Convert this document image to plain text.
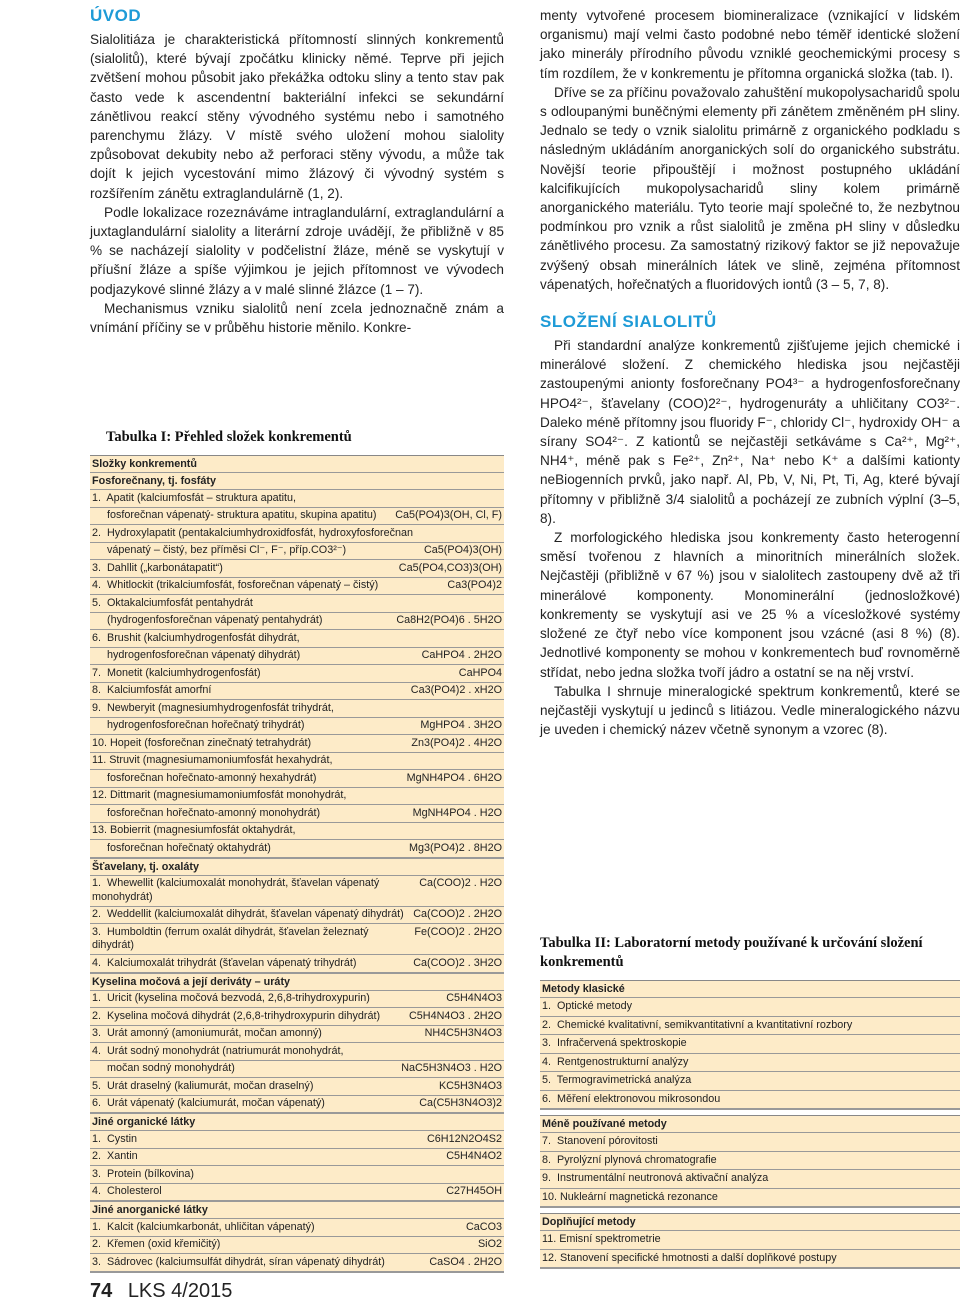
ÚVOD

Sialolitiáza je charakteristická přítomností slinných konkrementů (sialolitů), které bývají zpočátku klinicky němé. Teprve při jejich zvětšení mohou působit jako překážka odtoku sliny a tento stav pak často vede k ascendentní bakteriální infekci se sekundární zánětlivou reakcí stěny vývodného systému nebo i samotného parenchymu žlázy. V místě svého uložení mohou sialolity způsobovat dekubity nebo až perforaci stěny vývodu, a může tak dojít k jejich vycestování mimo žlázový či vývodný systém s rozšířením zánětu extraglandulárně (1, 2).

Podle lokalizace rozeznáváme intraglandulární, extraglandulární a juxtaglandulární sialolity a literární zdroje uvádějí, že přibližně v 85 % se nacházejí sialolity v podčelistní žláze, méně se vyskytují v příušní žláze a spíše výjimkou je jejich přítomnost ve vývodech podjazykové slinné žlázy a v malé slinné žlázce (1 – 7).

Mechanismus vzniku sialolitů není zcela jednoznačně znám a vnímání příčiny se v průběhu historie měnilo. Konkre-

Tabulka I: Přehled složek konkrementů
Složky konkrementů
Fosforečnany, tj. fosfáty
1.  Apatit (kalciumfosfát – struktura apatitu,
fosforečnan vápenatý- struktura apatitu, skupina apatitu) Ca5(PO4)3(OH, Cl, F)
2.  Hydroxylapatit (pentakalciumhydroxidfosfát, hydroxyfosforečnan
vápenatý – čistý, bez příměsi Cl⁻, F⁻, příp.CO3²⁻)	Ca5(PO4)3(OH)
3.  Dahllit („karbonátapatit“)	Ca5(PO4,CO3)3(OH)
4.  Whitlockit (trikalciumfosfát, fosforečnan vápenatý – čistý)	Ca3(PO4)2
5.  Oktakalciumfosfát pentahydrát
(hydrogenfosforečnan vápenatý pentahydrát)	Ca8H2(PO4)6 . 5H2O
6.  Brushit (kalciumhydrogenfosfát dihydrát,
hydrogenfosforečnan vápenatý dihydrát)	CaHPO4 . 2H2O
7.  Monetit (kalciumhydrogenfosfát)	CaHPO4
8.  Kalciumfosfát amorfní	Ca3(PO4)2 . xH2O
9.  Newberyit (magnesiumhydrogenfosfát trihydrát,
hydrogenfosforečnan hořečnatý trihydrát)	MgHPO4 . 3H2O
10. Hopeit (fosforečnan zinečnatý tetrahydrát)	Zn3(PO4)2 . 4H2O
11. Struvit (magnesiumamoniumfosfát hexahydrát,
fosforečnan hořečnato-amonný hexahydrát)	MgNH4PO4 . 6H2O
12. Dittmarit (magnesiumamoniumfosfát monohydrát,
fosforečnan hořečnato-amonný monohydrát)	MgNH4PO4 . H2O
13. Bobierrit (magnesiumfosfát oktahydrát,
fosforečnan hořečnatý oktahydrát)	Mg3(PO4)2 . 8H2O
Šťavelany, tj. oxaláty
1.  Whewellit (kalciumoxalát monohydrát, šťavelan vápenatý monohydrát)
Ca(COO)2 . H2O
2.  Weddellit (kalciumoxalát dihydrát, šťavelan vápenatý dihydrát) Ca(COO)2 . 2H2O
3.  Humboldtin (ferrum oxalát dihydrát, šťavelan železnatý dihydrát)
Fe(COO)2 . 2H2O
4.  Kalciumoxalát trihydrát (šťavelan vápenatý trihydrát)	Ca(COO)2 . 3H2O
Kyselina močová a její deriváty – uráty
1.  Uricit (kyselina močová bezvodá, 2,6,8-trihydroxypurin)	C5H4N4O3
2.  Kyselina močová dihydrát (2,6,8-trihydroxypurin dihydrát)	C5H4N4O3 . 2H2O
3.  Urát amonný (amoniumurát, močan amonný)	NH4C5H3N4O3
4.  Urát sodný monohydrát (natriumurát monohydrát,
močan sodný monohydrát)	NaC5H3N4O3 . H2O
5.  Urát draselný (kaliumurát, močan draselný)	KC5H3N4O3
6.  Urát vápenatý (kalciumurát, močan vápenatý)	Ca(C5H3N4O3)2
Jiné organické látky
1.  Cystin	C6H12N2O4S2
2.  Xantin	C5H4N4O2
3.  Protein (bílkovina)
4.  Cholesterol	C27H45OH
Jiné anorganické látky
1.  Kalcit (kalciumkarbonát, uhličitan vápenatý)	CaCO3
2.  Křemen (oxid křemičitý)	SiO2
3.  Sádrovec (kalciumsulfát dihydrát, síran vápenatý dihydrát)	CaSO4 . 2H2O

menty vytvořené procesem biomineralizace (vznikající v lidském organismu) mají velmi často podobné nebo téměř identické složení jako minerály přírodního původu vzniklé geochemickými procesy s tím rozdílem, že v konkrementu je přítomna organická složka (tab. I).

Dříve se za příčinu považovalo zahuštění mukopolysacharidů spolu s odloupanými buněčnými elementy při zánětem změněném pH sliny. Jednalo se tedy o vznik sialolitu primárně z organického podkladu s následným ukládáním anorganických solí do organického substrátu. Novější teorie připouštějí i možnost postupného ukládání kalcifikujících mukopolysacharidů sliny kolem primárně anorganického materiálu. Tyto teorie mají společné to, že nezbytnou podmínkou pro vznik a růst sialolitů je změna pH sliny v důsledku zánětlivého procesu. Za samostatný rizikový faktor se již nepovažuje zvýšený obsah minerálních látek ve slině, zejména přítomnost vápenatých, hořečnatých a fluoridových iontů (3 – 5, 7, 8).

SLOŽENÍ SIALOLITŮ

Při standardní analýze konkrementů zjišťujeme jejich chemické i minerálové složení. Z chemického hlediska jsou nejčastěji zastoupenými anionty fosforečnany PO4³⁻ a hydrogenfosforečnany HPO4²⁻, šťavelany (COO)2²⁻, hydrogenuráty a uhličitany CO3²⁻. Daleko méně přítomny jsou fluoridy F⁻, chloridy Cl⁻, hydroxidy OH⁻ a sírany SO4²⁻. Z kationtů se nejčastěji setkáváme s Ca²⁺, Mg²⁺, NH4⁺, méně pak s Fe²⁺, Zn²⁺, Na⁺ nebo K⁺ a dalšími kationty neBiogenních prvků, jako např. Al, Pb, V, Ni, Pt, Ti, Ag, které bývají přítomny v přibližně 3/4 sialolitů a pocházejí ze zubních výplní (3–5, 8).

Z morfologického hlediska jsou konkrementy často heterogenní směsí tvořenou z hlavních a minoritních minerálních složek. Nejčastěji (přibližně v 67 %) jsou v sialolitech zastoupeny dvě až tři minerálové komponenty. Monominerální (jednosložkové) konkrementy se vyskytují asi ve 25 % a vícesložkové systémy složené ze čtyř nebo více komponent jsou vzácné (asi 8 %) (8). Jednotlivé komponenty se mohou v konkrementech buď rovnoměrně střídat, nebo jedna složka tvoří jádro a ostatní se na něj vrství.

Tabulka I shrnuje mineralogické spektrum konkrementů, které se nejčastěji vyskytují u jedinců s litiázou. Vedle mineralogického názvu je uveden i chemický název včetně synonym a vzorec (8).

Tabulka II: Laboratorní metody používané k určování složení konkrementů
Metody klasické
1.  Optické metody
2.  Chemické kvalitativní, semikvantitativní a kvantitativní rozbory
3.  Infračervená spektroskopie
4.  Rentgenostrukturní analýzy
5.  Termogravimetrická analýza
6.  Měření elektronovou mikrosondou
Méně používané metody
7.  Stanovení pórovitosti
8.  Pyrolýzní plynová chromatografie
9.  Instrumentální neutronová aktivační analýza
10. Nukleární magnetická rezonance
Doplňující metody
11. Emisní spektrometrie
12. Stanovení specifické hmotnosti a další doplňkové postupy
74 LKS 4/2015
